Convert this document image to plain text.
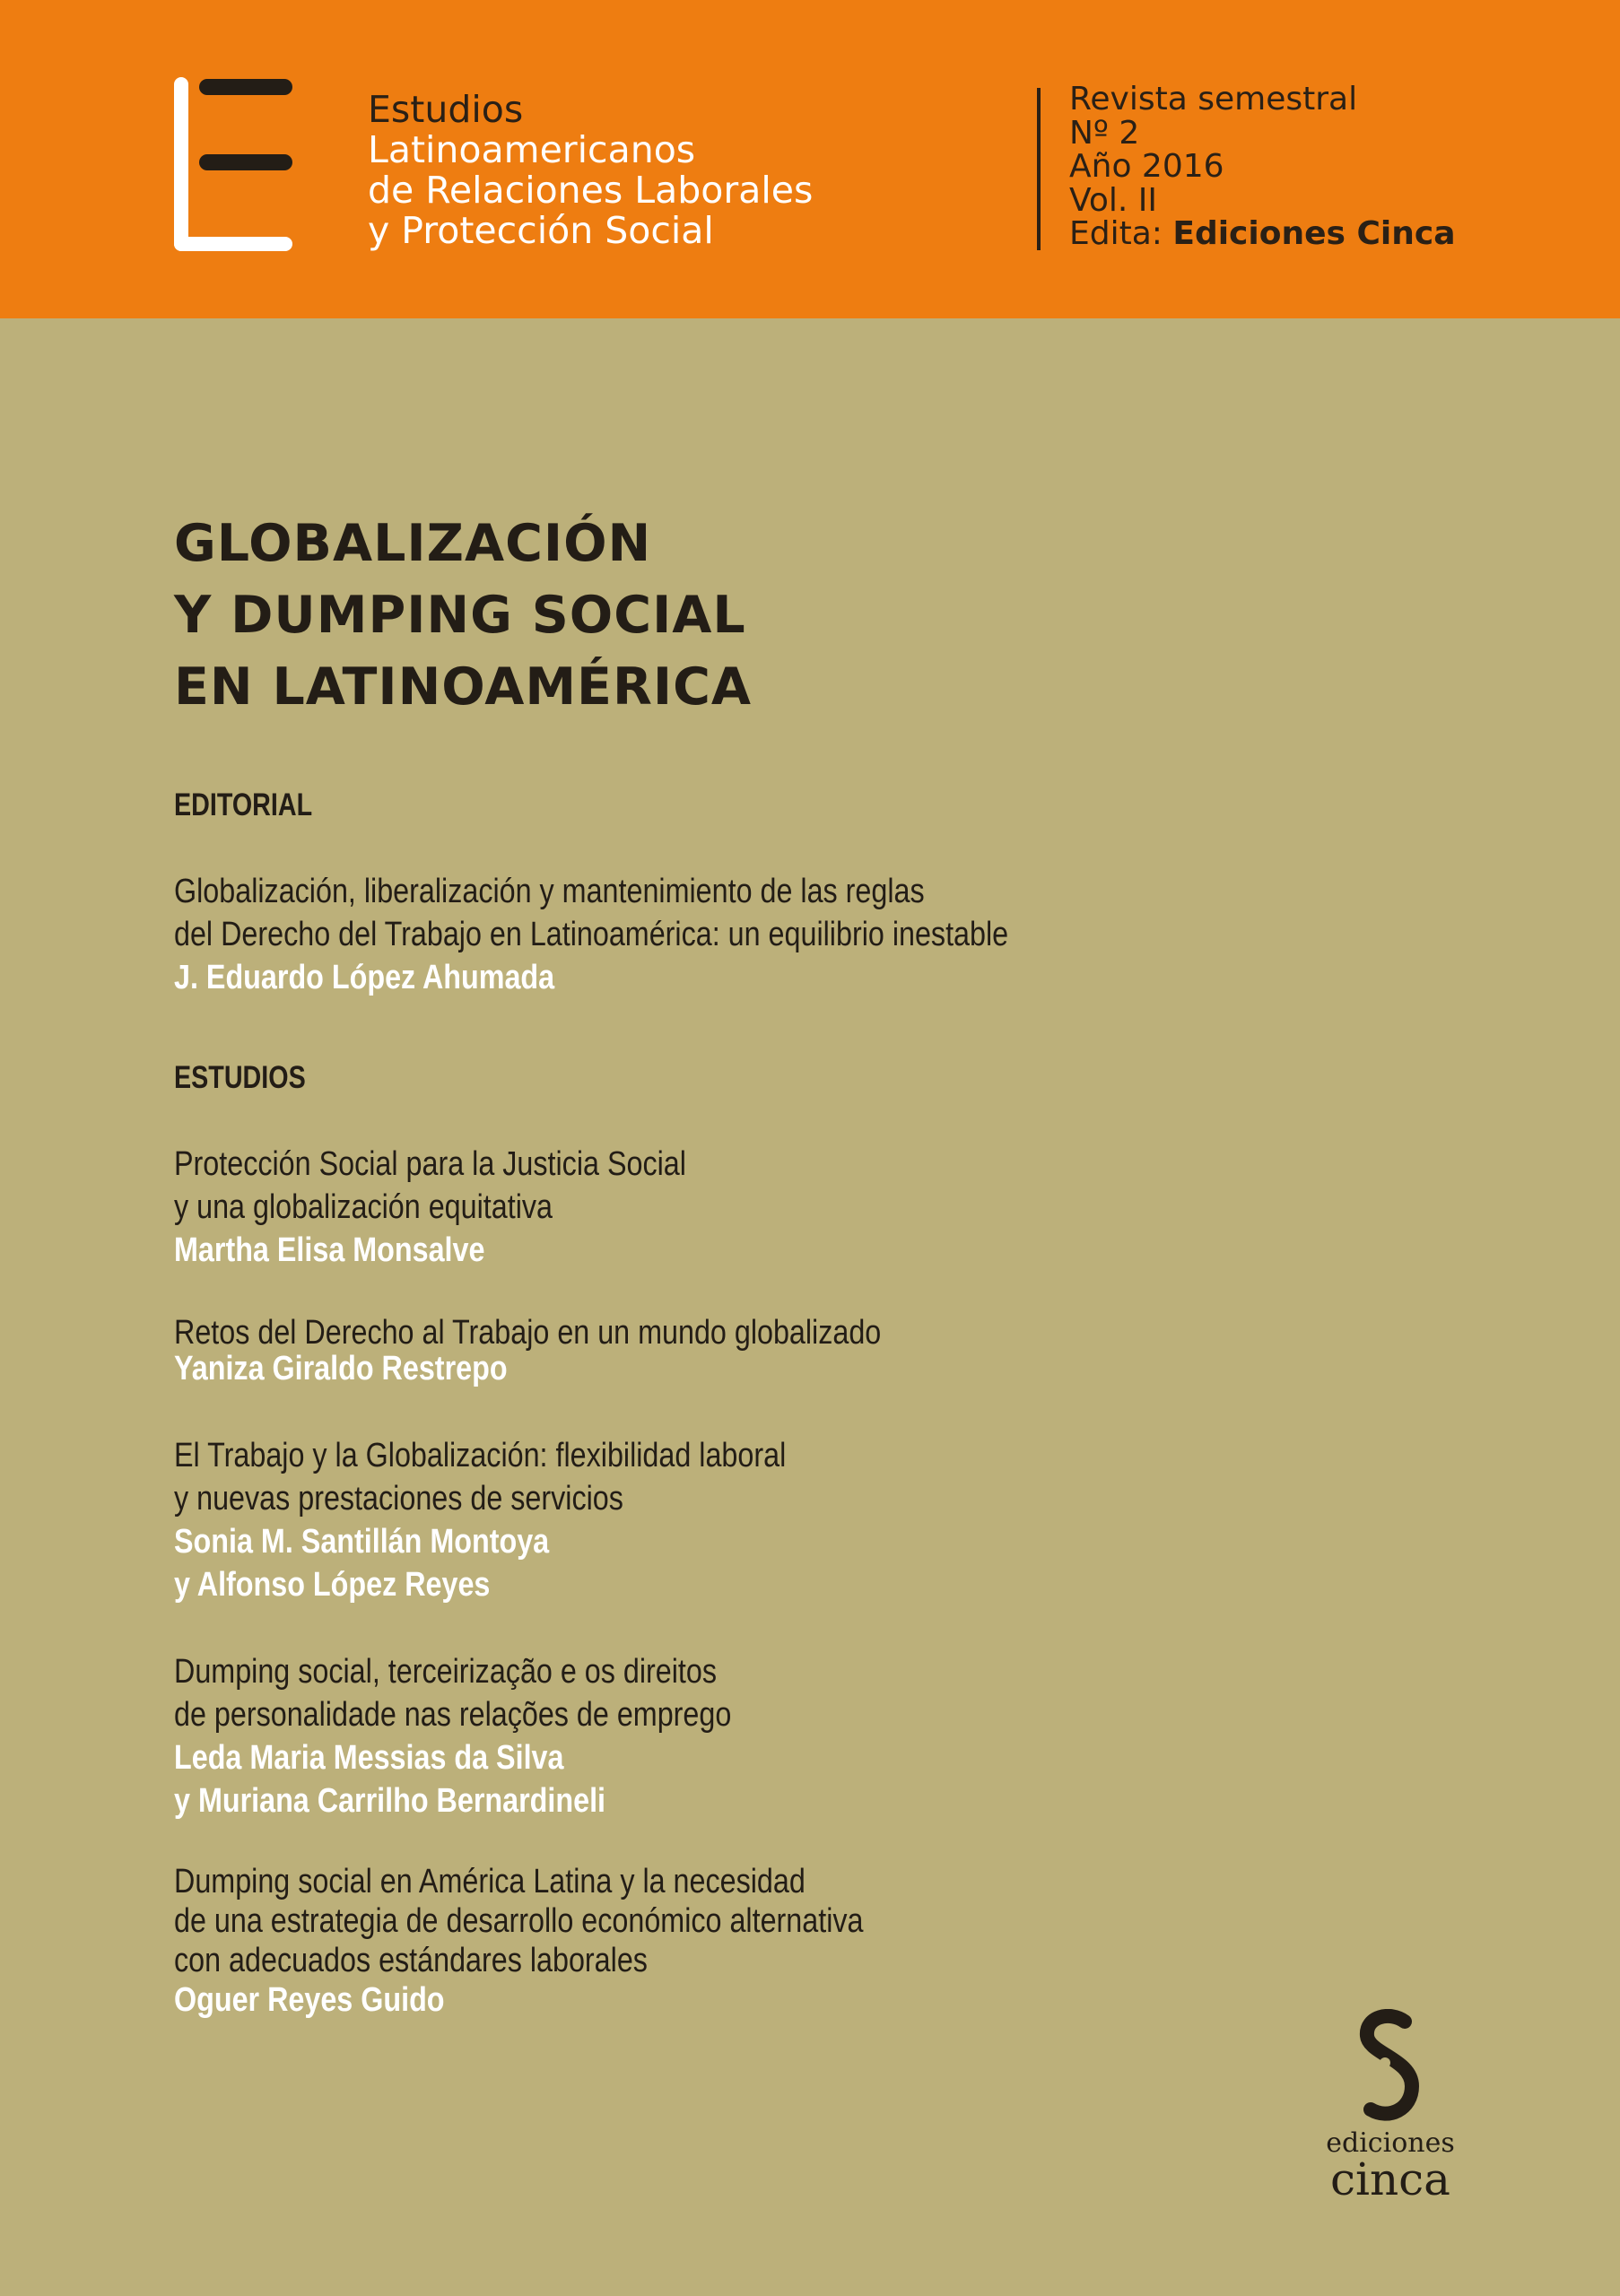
Estudios
Latinoamericanos
de Relaciones Laborales
y Protección Social
Revista semestral
Nº 2
Año 2016
Vol. II
Edita: Ediciones Cinca
GLOBALIZACIÓN
Y DUMPING SOCIAL
EN LATINOAMÉRICA
EDITORIAL
Globalización, liberalización y mantenimiento de las reglas
del Derecho del Trabajo en Latinoamérica: un equilibrio inestable
J. Eduardo López Ahumada
ESTUDIOS
Protección Social para la Justicia Social
y una globalización equitativa
Martha Elisa Monsalve
Retos del Derecho al Trabajo en un mundo globalizado
Yaniza Giraldo Restrepo
El Trabajo y la Globalización: flexibilidad laboral
y nuevas prestaciones de servicios
Sonia M. Santillán Montoya
y Alfonso López Reyes
Dumping social, terceirização e os direitos
de personalidade nas relações de emprego
Leda Maria Messias da Silva
y Muriana Carrilho Bernardineli
Dumping social en América Latina y la necesidad
de una estrategia de desarrollo económico alternativa
con adecuados estándares laborales
Oguer Reyes Guido
ediciones
cinca
